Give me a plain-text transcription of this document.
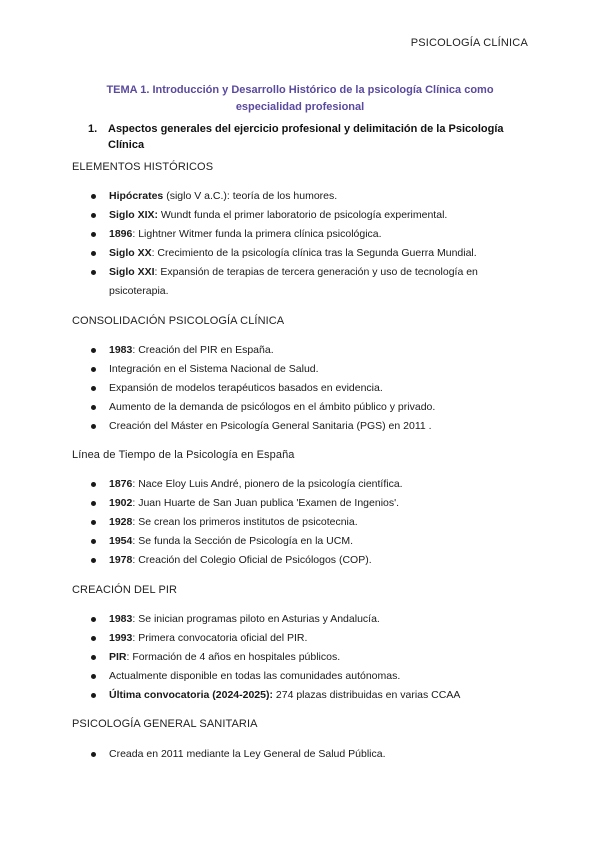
PSICOLOGÍA CLÍNICA
TEMA 1. Introducción y Desarrollo Histórico de la psicología Clínica como
especialidad profesional
1. Aspectos generales del ejercicio profesional y delimitación de la Psicología Clínica
ELEMENTOS HISTÓRICOS
Hipócrates (siglo V a.C.): teoría de los humores.
Siglo XIX: Wundt funda el primer laboratorio de psicología experimental.
1896: Lightner Witmer funda la primera clínica psicológica.
Siglo XX: Crecimiento de la psicología clínica tras la Segunda Guerra Mundial.
Siglo XXI: Expansión de terapias de tercera generación y uso de tecnología en psicoterapia.
CONSOLIDACIÓN PSICOLOGÍA CLÍNICA
1983: Creación del PIR en España.
Integración en el Sistema Nacional de Salud.
Expansión de modelos terapéuticos basados en evidencia.
Aumento de la demanda de psicólogos en el ámbito público y privado.
Creación del Máster en Psicología General Sanitaria (PGS) en 2011 .
Línea de Tiempo de la Psicología en España
1876: Nace Eloy Luis André, pionero de la psicología científica.
1902: Juan Huarte de San Juan publica 'Examen de Ingenios'.
1928: Se crean los primeros institutos de psicotecnia.
1954: Se funda la Sección de Psicología en la UCM.
1978: Creación del Colegio Oficial de Psicólogos (COP).
CREACIÓN DEL PIR
1983: Se inician programas piloto en Asturias y Andalucía.
1993: Primera convocatoria oficial del PIR.
PIR: Formación de 4 años en hospitales públicos.
Actualmente disponible en todas las comunidades autónomas.
Última convocatoria (2024-2025): 274 plazas distribuidas en varias CCAA
PSICOLOGÍA GENERAL SANITARIA
Creada en 2011 mediante la Ley General de Salud Pública.
